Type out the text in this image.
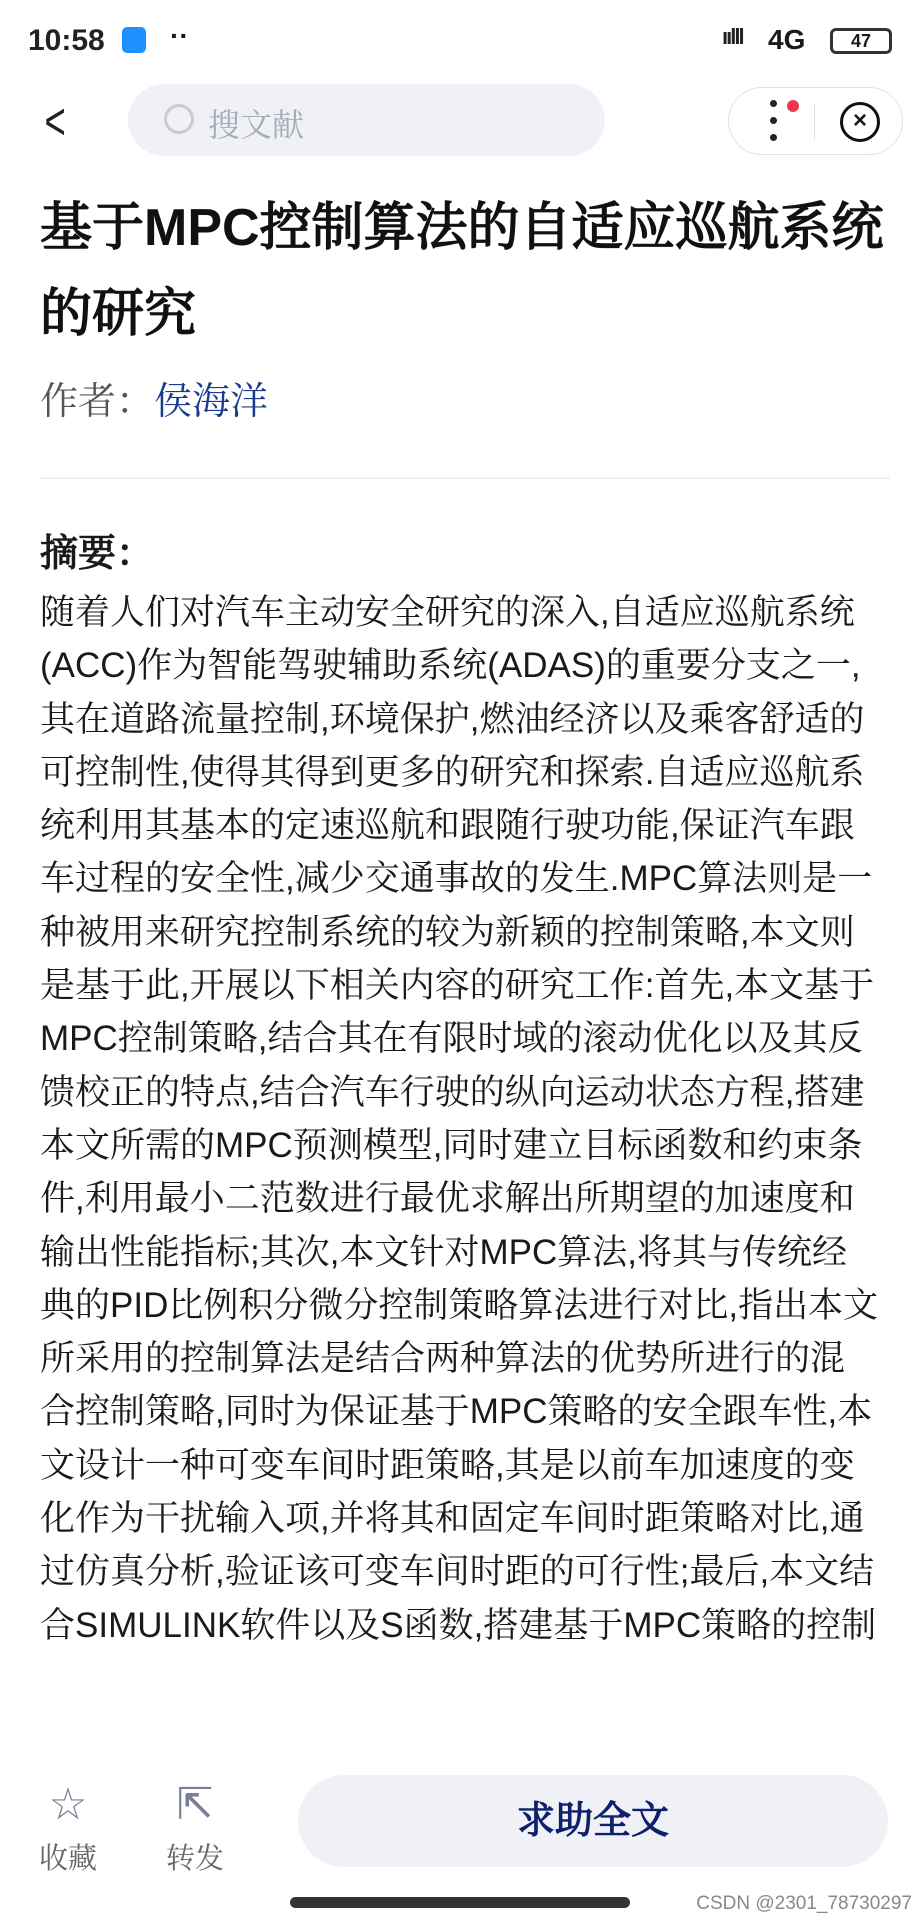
10:58 ··	ıılll 4G	47
<	搜文献	×
基于MPC控制算法的自适应巡航系统的研究
作者：侯海洋
摘要：
随着人们对汽车主动安全研究的深入,自适应巡航系统
(ACC)作为智能驾驶辅助系统(ADAS)的重要分支之一,
其在道路流量控制,环境保护,燃油经济以及乘客舒适的
可控制性,使得其得到更多的研究和探索.自适应巡航系
统利用其基本的定速巡航和跟随行驶功能,保证汽车跟
车过程的安全性,减少交通事故的发生.MPC算法则是一
种被用来研究控制系统的较为新颖的控制策略,本文则
是基于此,开展以下相关内容的研究工作:首先,本文基于
MPC控制策略,结合其在有限时域的滚动优化以及其反
馈校正的特点,结合汽车行驶的纵向运动状态方程,搭建
本文所需的MPC预测模型,同时建立目标函数和约束条
件,利用最小二范数进行最优求解出所期望的加速度和
输出性能指标;其次,本文针对MPC算法,将其与传统经
典的PID比例积分微分控制策略算法进行对比,指出本文
所采用的控制算法是结合两种算法的优势所进行的混
合控制策略,同时为保证基于MPC策略的安全跟车性,本
文设计一种可变车间时距策略,其是以前车加速度的变
化作为干扰输入项,并将其和固定车间时距策略对比,通
过仿真分析,验证该可变车间时距的可行性;最后,本文结
合SIMULINK软件以及S函数,搭建基于MPC策略的控制
☆
收藏
⇱
转发
求助全文
CSDN @2301_78730297
